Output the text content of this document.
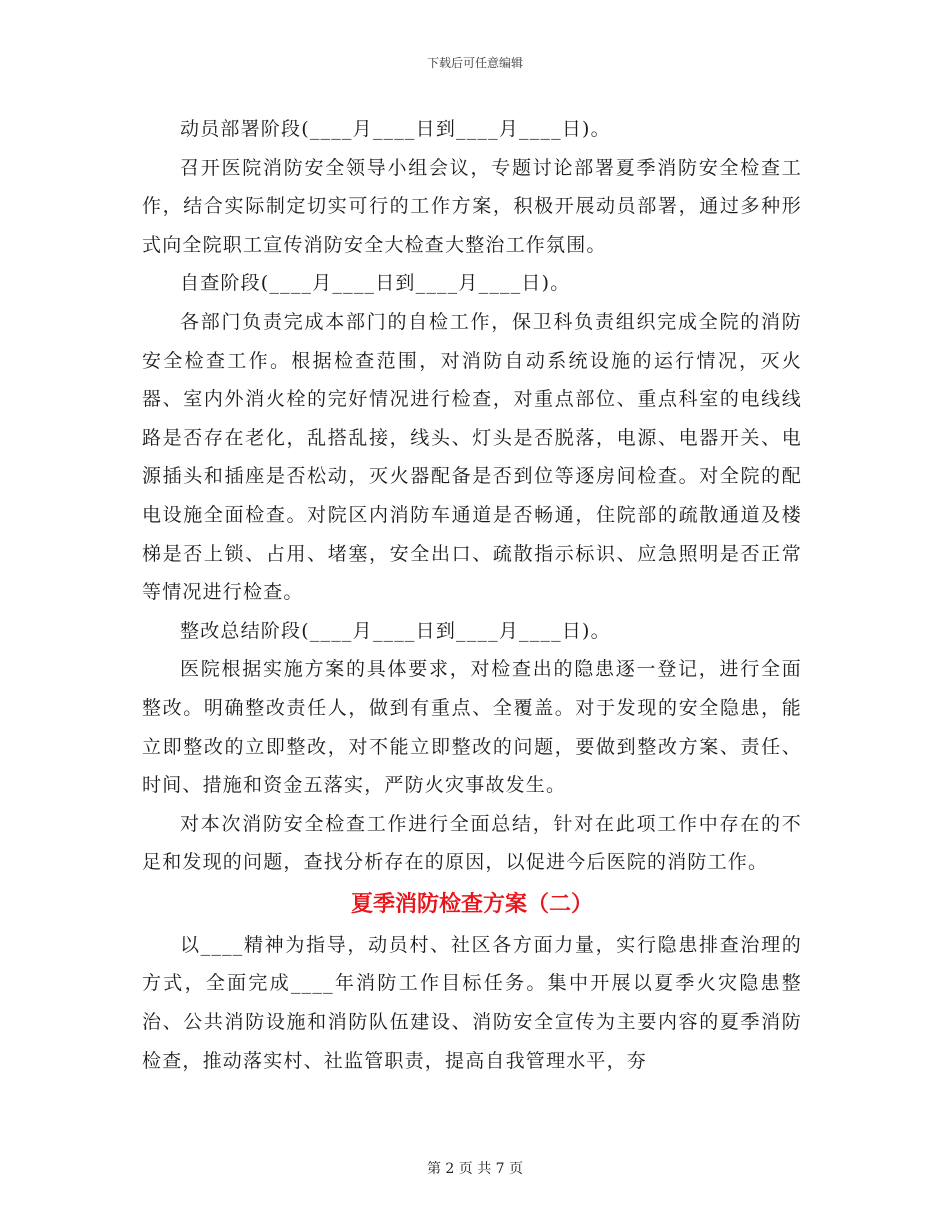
下载后可任意编辑

动员部署阶段(____月____日到____月____日)。

召开医院消防安全领导小组会议，专题讨论部署夏季消防安全检查工作，结合实际制定切实可行的工作方案，积极开展动员部署，通过多种形式向全院职工宣传消防安全大检查大整治工作氛围。

自查阶段(____月____日到____月____日)。

各部门负责完成本部门的自检工作，保卫科负责组织完成全院的消防安全检查工作。根据检查范围，对消防自动系统设施的运行情况，灭火器、室内外消火栓的完好情况进行检查，对重点部位、重点科室的电线线路是否存在老化，乱搭乱接，线头、灯头是否脱落，电源、电器开关、电源插头和插座是否松动，灭火器配备是否到位等逐房间检查。对全院的配电设施全面检查。对院区内消防车通道是否畅通，住院部的疏散通道及楼梯是否上锁、占用、堵塞，安全出口、疏散指示标识、应急照明是否正常等情况进行检查。

整改总结阶段(____月____日到____月____日)。

医院根据实施方案的具体要求，对检查出的隐患逐一登记，进行全面整改。明确整改责任人，做到有重点、全覆盖。对于发现的安全隐患，能立即整改的立即整改，对不能立即整改的问题，要做到整改方案、责任、时间、措施和资金五落实，严防火灾事故发生。

对本次消防安全检查工作进行全面总结，针对在此项工作中存在的不足和发现的问题，查找分析存在的原因，以促进今后医院的消防工作。

夏季消防检查方案（二）

以____精神为指导，动员村、社区各方面力量，实行隐患排查治理的方式，全面完成____年消防工作目标任务。集中开展以夏季火灾隐患整治、公共消防设施和消防队伍建设、消防安全宣传为主要内容的夏季消防检查，推动落实村、社监管职责，提高自我管理水平，夯

第 2 页 共 7 页
